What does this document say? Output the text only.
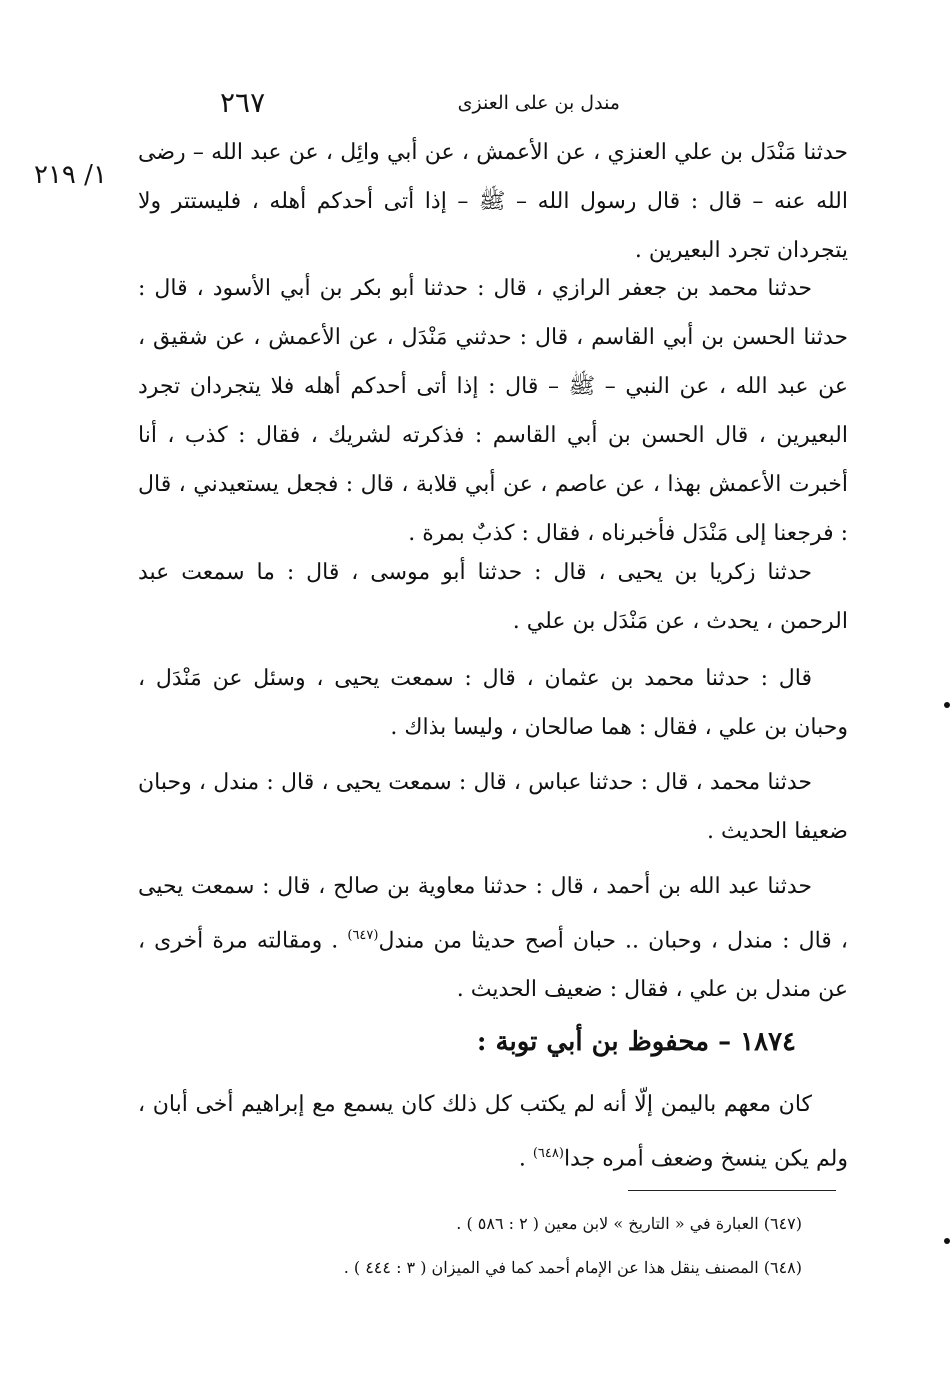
٢٦٧	مندل بن على العنزى
١/ ٢١٩

حدثنا مَنْدَل بن علي العنزي ، عن الأعمش ، عن أبي وائِل ، عن عبد الله – رضى الله عنه – قال : قال رسول الله – ﷺ – إذا أتى أحدكم أهله ، فليستتر ولا يتجردان تجرد البعيرين .

حدثنا محمد بن جعفر الرازي ، قال : حدثنا أبو بكر بن أبي الأسود ، قال : حدثنا الحسن بن أبي القاسم ، قال : حدثني مَنْدَل ، عن الأعمش ، عن شقيق ، عن عبد الله ، عن النبي – ﷺ – قال : إذا أتى أحدكم أهله فلا يتجردان تجرد البعيرين ، قال الحسن بن أبي القاسم : فذكرته لشريك ، فقال : كذب ، أنا أخبرت الأعمش بهذا ، عن عاصم ، عن أبي قلابة ، قال : فجعل يستعيدني ، قال : فرجعنا إلى مَنْدَل فأخبرناه ، فقال : كذبٌ بمرة .

حدثنا زكريا بن يحيى ، قال : حدثنا أبو موسى ، قال : ما سمعت عبد الرحمن ، يحدث ، عن مَنْدَل بن علي .

قال : حدثنا محمد بن عثمان ، قال : سمعت يحيى ، وسئل عن مَنْدَل ، وحبان بن علي ، فقال : هما صالحان ، وليسا بذاك .

حدثنا محمد ، قال : حدثنا عباس ، قال : سمعت يحيى ، قال : مندل ، وحبان ضعيفا الحديث .

حدثنا عبد الله بن أحمد ، قال : حدثنا معاوية بن صالح ، قال : سمعت يحيى ، قال : مندل ، وحبان .. حبان أصح حديثا من مندل$^{(٦٤٧)}$ . ومقالته مرة أخرى ، عن مندل بن علي ، فقال : ضعيف الحديث .

١٨٧٤ – محفوظ بن أبي توبة :

كان معهم باليمن إلّا أنه لم يكتب كل ذلك كان يسمع مع إبراهيم أخى أبان ، ولم يكن ينسخ وضعف أمره جدا$^{(٦٤٨)}$ .

(٦٤٧) العبارة في « التاريخ » لابن معين ( ٢ : ٥٨٦ ) .
(٦٤٨) المصنف ينقل هذا عن الإمام أحمد كما في الميزان ( ٣ : ٤٤٤ ) .
